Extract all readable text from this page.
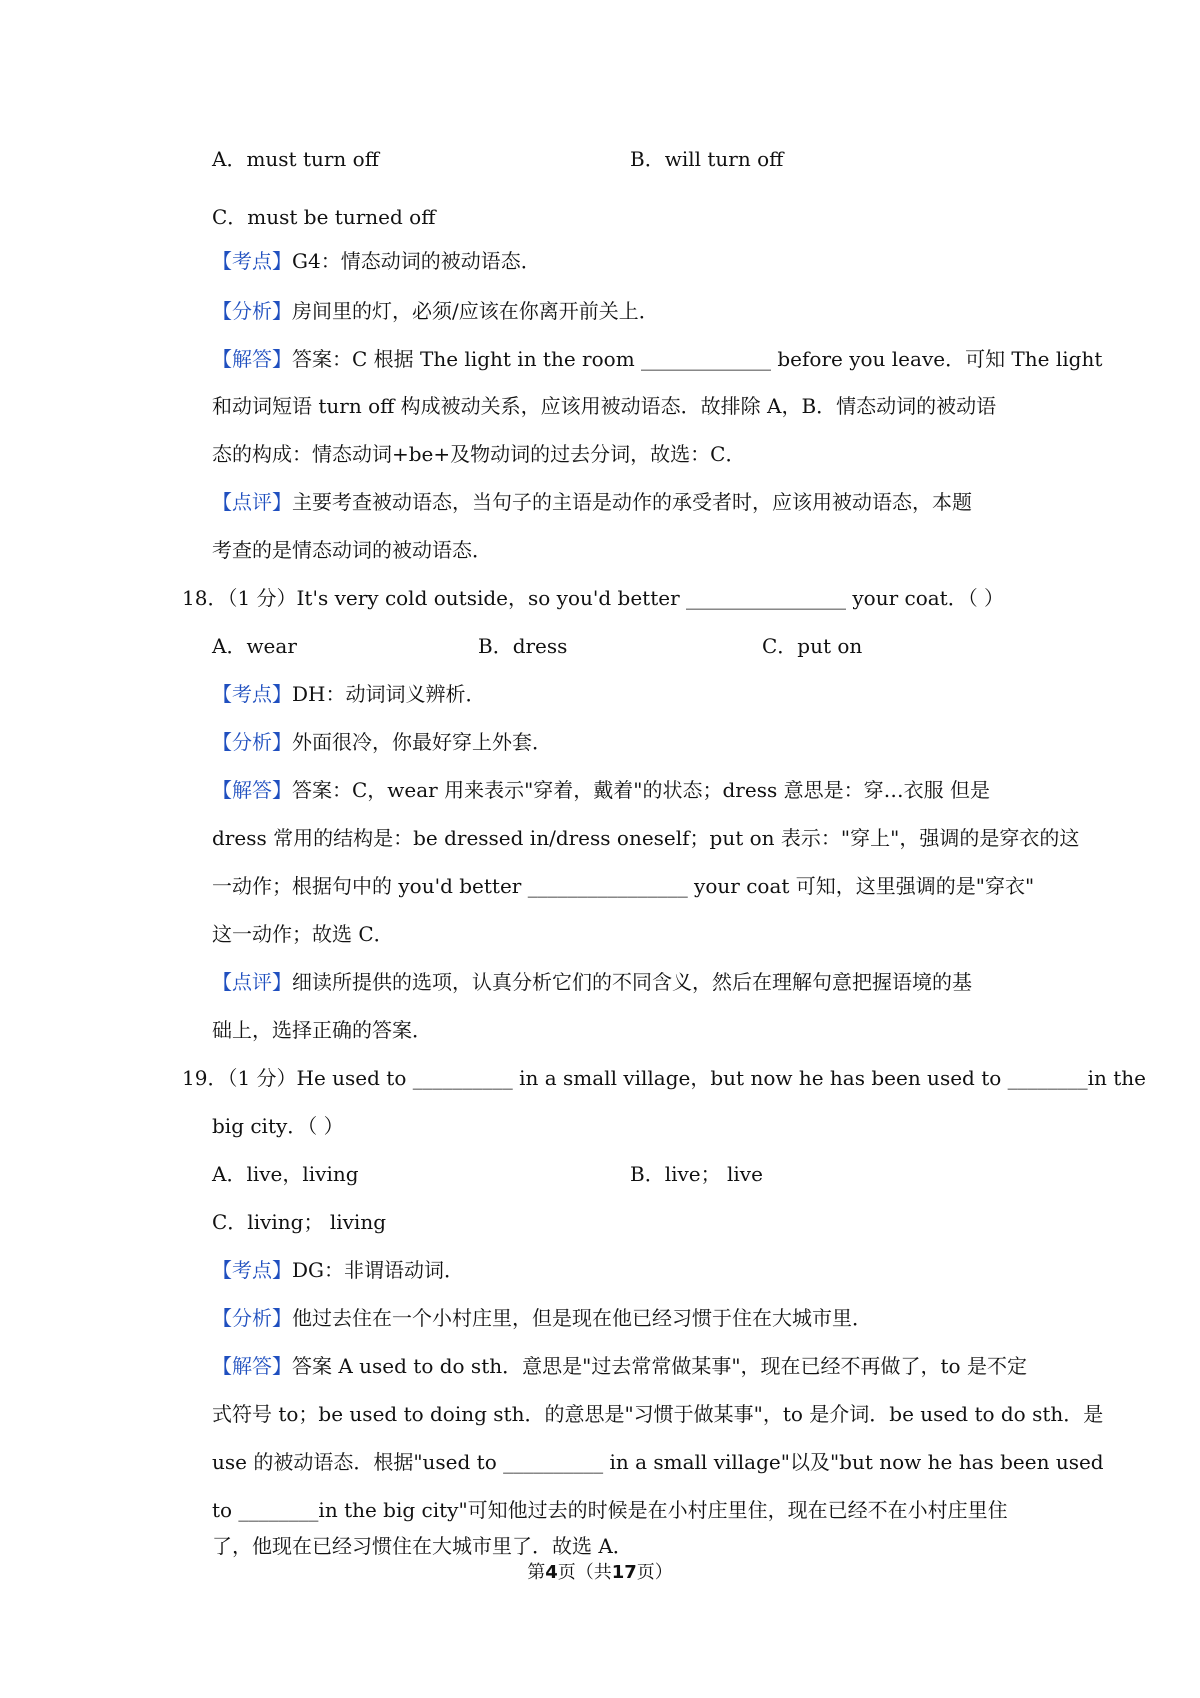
A．must turn off	B．will turn off
C．must be turned off
【考点】G4：情态动词的被动语态．
【分析】房间里的灯，必须/应该在你离开前关上．
【解答】答案：C 根据 The light in the room _____________ before you leave．可知 The light
和动词短语 turn off 构成被动关系，应该用被动语态．故排除 A，B．情态动词的被动语
态的构成：情态动词+be+及物动词的过去分词，故选：C．
【点评】主要考查被动语态，当句子的主语是动作的承受者时，应该用被动语态，本题
考查的是情态动词的被动语态．
18．（1 分）It's very cold outside，so you'd better ________________ your coat．（ ）
A．wear	B．dress	C．put on
【考点】DH：动词词义辨析．
【分析】外面很冷，你最好穿上外套．
【解答】答案：C，wear 用来表示"穿着，戴着"的状态；dress 意思是：穿…衣服 但是
dress 常用的结构是：be dressed in/dress oneself；put on 表示："穿上"，强调的是穿衣的这
一动作；根据句中的 you'd better ________________ your coat 可知，这里强调的是"穿衣"
这一动作；故选 C．
【点评】细读所提供的选项，认真分析它们的不同含义，然后在理解句意把握语境的基
础上，选择正确的答案．
19．（1 分）He used to __________ in a small village，but now he has been used to ________in the
big city．（ ）
A．live，living	B．live； live
C．living； living
【考点】DG：非谓语动词．
【分析】他过去住在一个小村庄里，但是现在他已经习惯于住在大城市里．
【解答】答案 A used to do sth．意思是"过去常常做某事"，现在已经不再做了，to 是不定
式符号 to；be used to doing sth．的意思是"习惯于做某事"，to 是介词．be used to do sth．是
use 的被动语态．根据"used to __________ in a small village"以及"but now he has been used
to ________in the big city"可知他过去的时候是在小村庄里住，现在已经不在小村庄里住
了，他现在已经习惯住在大城市里了．故选 A．
第4页（共17页）
